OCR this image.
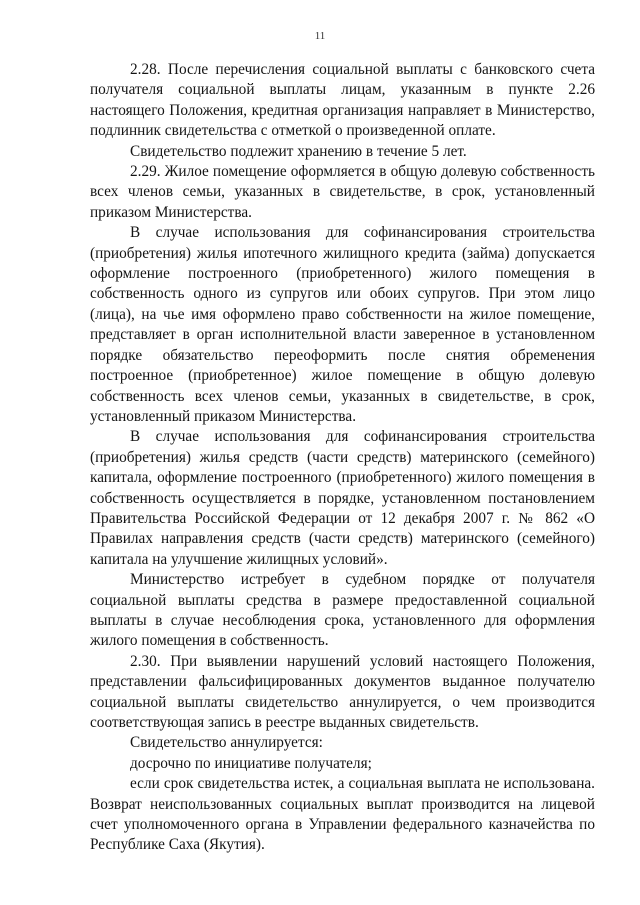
11

2.28. После перечисления социальной выплаты с банковского счета получателя социальной выплаты лицам, указанным в пункте 2.26 настоящего Положения, кредитная организация направляет в Министерство, подлинник свидетельства с отметкой о произведенной оплате.

Свидетельство подлежит хранению в течение 5 лет.

2.29. Жилое помещение оформляется в общую долевую собственность всех членов семьи, указанных в свидетельстве, в срок, установленный приказом Министерства.

В случае использования для софинансирования строительства (приобретения) жилья ипотечного жилищного кредита (займа) допускается оформление построенного (приобретенного) жилого помещения в собственность одного из супругов или обоих супругов. При этом лицо (лица), на чье имя оформлено право собственности на жилое помещение, представляет в орган исполнительной власти заверенное в установленном порядке обязательство переоформить после снятия обременения построенное (приобретенное) жилое помещение в общую долевую собственность всех членов семьи, указанных в свидетельстве, в срок, установленный приказом Министерства.

В случае использования для софинансирования строительства (приобретения) жилья средств (части средств) материнского (семейного) капитала, оформление построенного (приобретенного) жилого помещения в собственность осуществляется в порядке, установленном постановлением Правительства Российской Федерации от 12 декабря 2007 г. № 862 «О Правилах направления средств (части средств) материнского (семейного) капитала на улучшение жилищных условий».

Министерство истребует в судебном порядке от получателя социальной выплаты средства в размере предоставленной социальной выплаты в случае несоблюдения срока, установленного для оформления жилого помещения в собственность.

2.30. При выявлении нарушений условий настоящего Положения, представлении фальсифицированных документов выданное получателю социальной выплаты свидетельство аннулируется, о чем производится соответствующая запись в реестре выданных свидетельств.

Свидетельство аннулируется:

досрочно по инициативе получателя;

если срок свидетельства истек, а социальная выплата не использована. Возврат неиспользованных социальных выплат производится на лицевой счет уполномоченного органа в Управлении федерального казначейства по Республике Саха (Якутия).
